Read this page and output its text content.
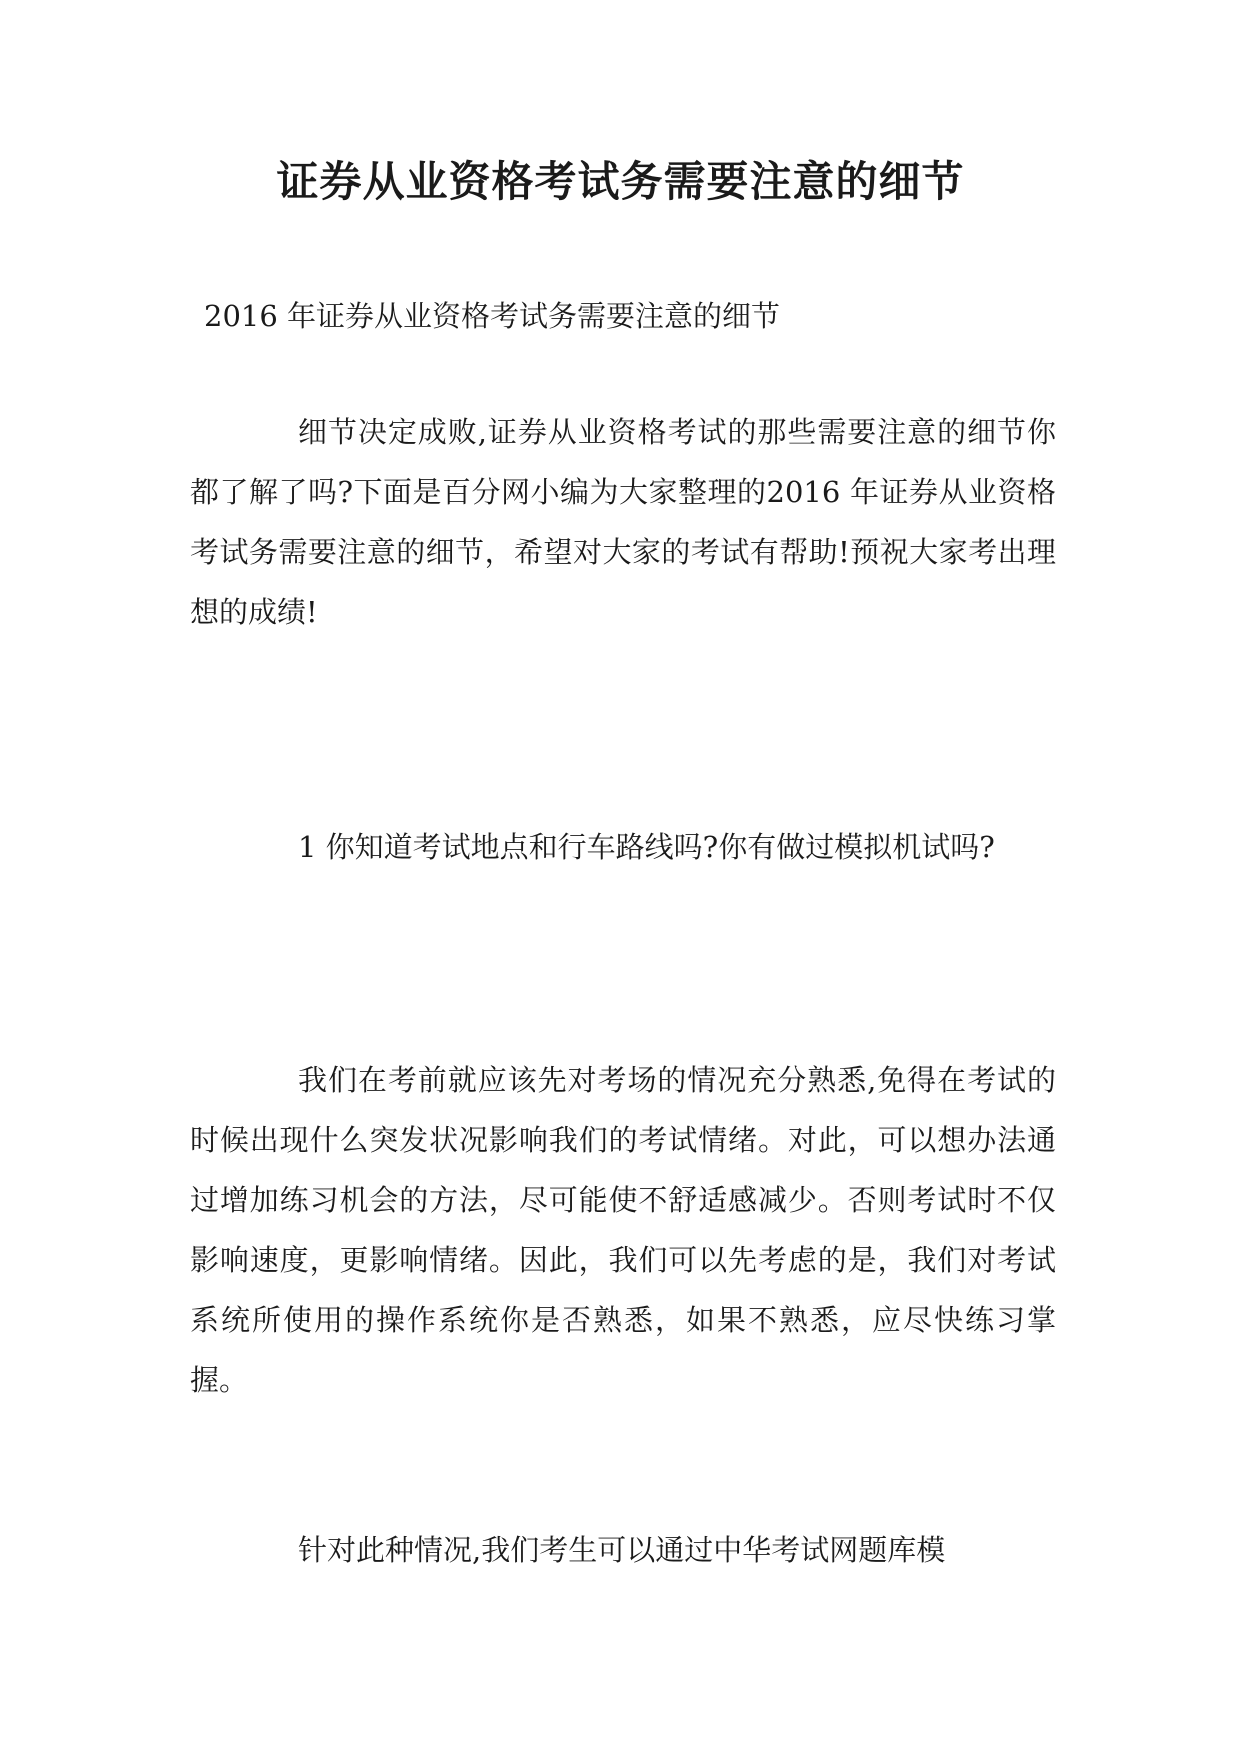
证券从业资格考试务需要注意的细节

2016 年证券从业资格考试务需要注意的细节

细节决定成败,证券从业资格考试的那些需要注意的细节你都了解了吗?下面是百分网小编为大家整理的2016 年证券从业资格考试务需要注意的细节，希望对大家的考试有帮助!预祝大家考出理想的成绩!

1 你知道考试地点和行车路线吗?你有做过模拟机试吗?

我们在考前就应该先对考场的情况充分熟悉,免得在考试的时候出现什么突发状况影响我们的考试情绪。对此，可以想办法通过增加练习机会的方法，尽可能使不舒适感减少。否则考试时不仅影响速度，更影响情绪。因此，我们可以先考虑的是，我们对考试系统所使用的操作系统你是否熟悉，如果不熟悉，应尽快练习掌握。

针对此种情况,我们考生可以通过中华考试网题库模
